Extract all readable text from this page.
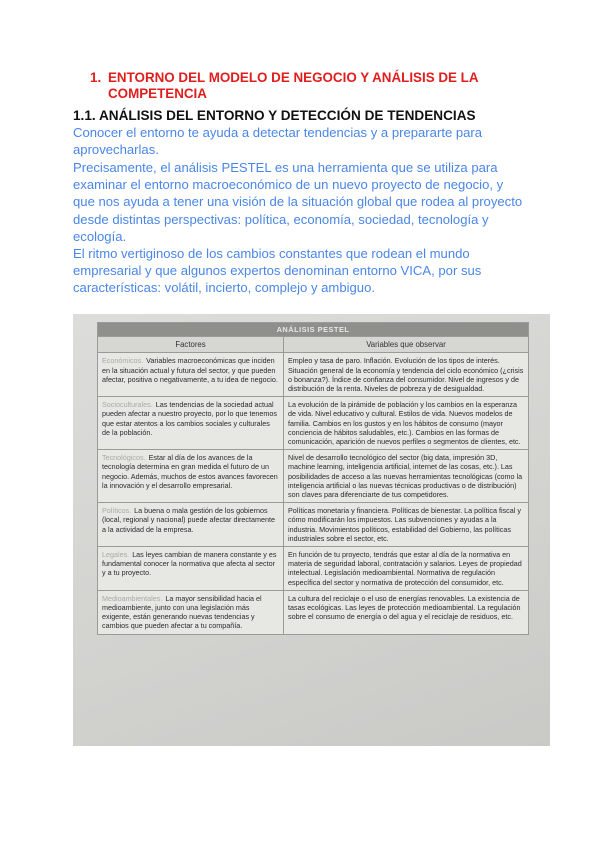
1. ENTORNO DEL MODELO DE NEGOCIO Y ANÁLISIS DE LA COMPETENCIA
1.1. ANÁLISIS DEL ENTORNO Y DETECCIÓN DE TENDENCIAS

Conocer el entorno te ayuda a detectar tendencias y a prepararte para aprovecharlas.

Precisamente, el análisis PESTEL es una herramienta que se utiliza para examinar el entorno macroeconómico de un nuevo proyecto de negocio, y que nos ayuda a tener una visión de la situación global que rodea al proyecto desde distintas perspectivas: política, economía, sociedad, tecnología y ecología.

El ritmo vertiginoso de los cambios constantes que rodean el mundo empresarial y que algunos expertos denominan entorno VICA, por sus características: volátil, incierto, complejo y ambiguo.

ANÁLISIS PESTEL	
Factores	Variables que observar
Económicos. Variables macroeconómicas que inciden en la situación actual y futura del sector, y que pueden afectar, positiva o negativamente, a tu idea de negocio.	Empleo y tasa de paro. Inflación. Evolución de los tipos de interés. Situación general de la economía y tendencia del ciclo económico (¿crisis o bonanza?). Índice de confianza del consumidor. Nivel de ingresos y de distribución de la renta. Niveles de pobreza y de desigualdad.
Socioculturales. Las tendencias de la sociedad actual pueden afectar a nuestro proyecto, por lo que tenemos que estar atentos a los cambios sociales y culturales de la población.	La evolución de la pirámide de población y los cambios en la esperanza de vida. Nivel educativo y cultural. Estilos de vida. Nuevos modelos de familia. Cambios en los gustos y en los hábitos de consumo (mayor conciencia de hábitos saludables, etc.). Cambios en las formas de comunicación, aparición de nuevos perfiles o segmentos de clientes, etc.
Tecnológicos. Estar al día de los avances de la tecnología determina en gran medida el futuro de un negocio. Además, muchos de estos avances favorecen la innovación y el desarrollo empresarial.	Nivel de desarrollo tecnológico del sector (big data, impresión 3D, machine learning, inteligencia artificial, internet de las cosas, etc.). Las posibilidades de acceso a las nuevas herramientas tecnológicas (como la inteligencia artificial o las nuevas técnicas productivas o de distribución) son claves para diferenciarte de tus competidores.
Políticos. La buena o mala gestión de los gobiernos (local, regional y nacional) puede afectar directamente a la actividad de la empresa.	Políticas monetaria y financiera. Políticas de bienestar. La política fiscal y cómo modificarán los impuestos. Las subvenciones y ayudas a la industria. Movimientos políticos, estabilidad del Gobierno, las políticas industriales sobre el sector, etc.
Legales. Las leyes cambian de manera constante y es fundamental conocer la normativa que afecta al sector y a tu proyecto.	En función de tu proyecto, tendrás que estar al día de la normativa en materia de seguridad laboral, contratación y salarios. Leyes de propiedad intelectual. Legislación medioambiental. Normativa de regulación específica del sector y normativa de protección del consumidor, etc.
Medioambientales. La mayor sensibilidad hacia el medioambiente, junto con una legislación más exigente, están generando nuevas tendencias y cambios que pueden afectar a tu compañía.	La cultura del reciclaje o el uso de energías renovables. La existencia de tasas ecológicas. Las leyes de protección medioambiental. La regulación sobre el consumo de energía o del agua y el reciclaje de residuos, etc.
